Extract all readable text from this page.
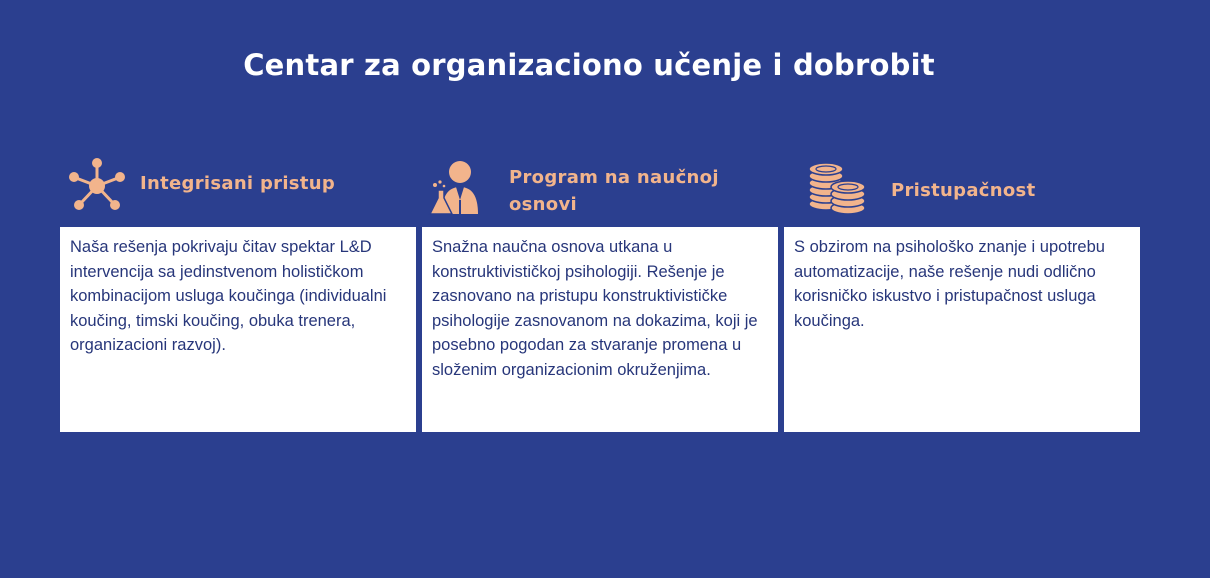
Centar za organizaciono učenje i dobrobit
Integrisani pristup
Naša rešenja pokrivaju čitav spektar L&D intervencija sa jedinstvenom holističkom kombinacijom usluga koučinga (individualni koučing, timski koučing, obuka trenera, organizacioni razvoj).
Program na naučnoj osnovi
Snažna naučna osnova utkana u konstruktivističkoj psihologiji. Rešenje je zasnovano na pristupu konstruktivističke psihologije zasnovanom na dokazima, koji je posebno pogodan za stvaranje promena u složenim organizacionim okruženjima.
Pristupačnost
S obzirom na psihološko znanje i upotrebu automatizacije, naše rešenje nudi odlično korisničko iskustvo i pristupačnost usluga koučinga.
